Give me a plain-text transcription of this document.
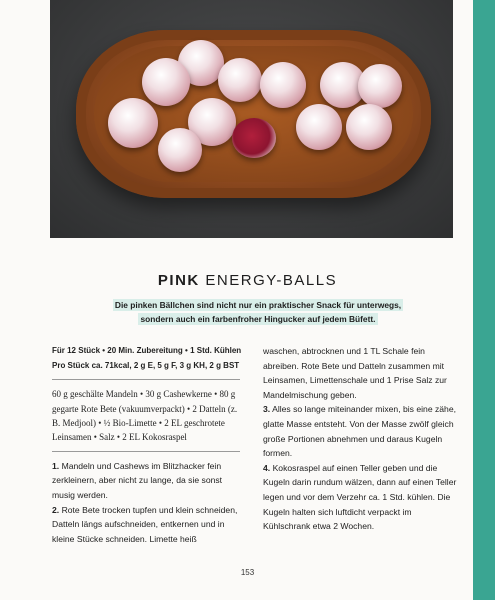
PINK ENERGY-BALLS
Die pinken Bällchen sind nicht nur ein praktischer Snack für unterwegs, sondern auch ein farbenfroher Hingucker auf jedem Büfett.
Für 12 Stück • 20 Min. Zubereitung • 1 Std. Kühlen Pro Stück ca. 71kcal, 2 g E, 5 g F, 3 g KH, 2 g BST
60 g geschälte Mandeln • 30 g Cashewkerne • 80 g gegarte Rote Bete (vakuumverpackt) • 2 Datteln (z. B. Medjool) • ½ Bio-Limette • 2 EL geschrotete Leinsamen • Salz • 2 EL Kokosraspel

1. Mandeln und Cashews im Blitzhacker fein zerkleinern, aber nicht zu lange, da sie sonst musig werden.

2. Rote Bete trocken tupfen und klein schneiden, Datteln längs aufschneiden, entkernen und in kleine Stücke schneiden. Limette heiß

waschen, abtrocknen und 1 TL Schale fein abreiben. Rote Bete und Datteln zusammen mit Leinsamen, Limettenschale und 1 Prise Salz zur Mandelmischung geben.

3. Alles so lange miteinander mixen, bis eine zähe, glatte Masse entsteht. Von der Masse zwölf gleich große Portionen abnehmen und daraus Kugeln formen.

4. Kokosraspel auf einen Teller geben und die Kugeln darin rundum wälzen, dann auf einen Teller legen und vor dem Verzehr ca. 1 Std. kühlen. Die Kugeln halten sich luftdicht verpackt im Kühlschrank etwa 2 Wochen.

153
